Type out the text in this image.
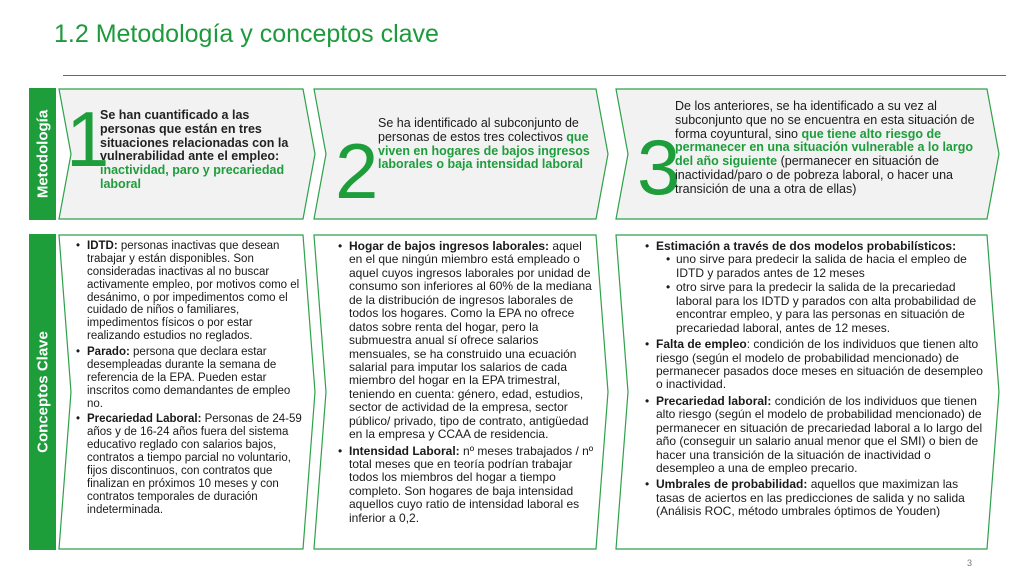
1.2 Metodología y conceptos clave
Metodología
Conceptos Clave
1
Se han cuantificado a las personas que están en tres situaciones relacionadas con la vulnerabilidad ante el empleo: inactividad, paro y precariedad laboral	2
Se ha identificado al subconjunto de personas de estos tres colectivos que viven en hogares de bajos ingresos laborales o baja intensidad laboral 3
De los anteriores, se ha identificado a su vez al subconjunto que no se encuentra en esta situación de forma coyuntural, sino que tiene alto riesgo de permanecer en una situación vulnerable a lo largo del año siguiente (permanecer en situación de inactividad/paro o de pobreza laboral, o hacer una transición de una a otra de ellas)
• IDTD: personas inactivas que desean trabajar y están disponibles. Son consideradas inactivas al no buscar activamente empleo, por motivos como el desánimo, o por impedimentos como el cuidado de niños o familiares, impedimentos físicos o por estar realizando estudios no reglados.
• Parado: persona que declara estar desempleadas durante la semana de referencia de la EPA. Pueden estar inscritos como demandantes de empleo no.
• Precariedad Laboral: Personas de 24-59 años y de 16-24 años fuera del sistema educativo reglado con salarios bajos, contratos a tiempo parcial no voluntario, fijos discontinuos, con contratos que finalizan en próximos 10 meses y con contratos temporales de duración indeterminada.
• Hogar de bajos ingresos laborales: aquel en el que ningún miembro está empleado o aquel cuyos ingresos laborales por unidad de consumo son inferiores al 60% de la mediana de la distribución de ingresos laborales de todos los hogares. Como la EPA no ofrece datos sobre renta del hogar, pero la submuestra anual sí ofrece salarios mensuales, se ha construido una ecuación salarial para imputar los salarios de cada miembro del hogar en la EPA trimestral, teniendo en cuenta: género, edad, estudios, sector de actividad de la empresa, sector público/ privado, tipo de contrato, antigüedad en la empresa y CCAA de residencia.
• Intensidad Laboral: nº meses trabajados / nº total meses que en teoría podrían trabajar todos los miembros del hogar a tiempo completo. Son hogares de baja intensidad aquellos cuyo ratio de intensidad laboral es inferior a 0,2.
• Estimación a través de dos modelos probabilísticos:
• uno sirve para predecir la salida de hacia el empleo de IDTD y parados antes de 12 meses
• otro sirve para la predecir la salida de la precariedad laboral para los IDTD y parados con alta probabilidad de encontrar empleo, y para las personas en situación de precariedad laboral, antes de 12 meses.
• Falta de empleo: condición de los individuos que tienen alto riesgo (según el modelo de probabilidad mencionado) de permanecer pasados doce meses en situación de desempleo o inactividad.
• Precariedad laboral: condición de los individuos que tienen alto riesgo (según el modelo de probabilidad mencionado) de permanecer en situación de precariedad laboral a lo largo del año (conseguir un salario anual menor que el SMI) o bien de hacer una transición de la situación de inactividad o desempleo a una de empleo precario.
• Umbrales de probabilidad: aquellos que maximizan las tasas de aciertos en las predicciones de salida y no salida (Análisis ROC, método umbrales óptimos de Youden)
3
